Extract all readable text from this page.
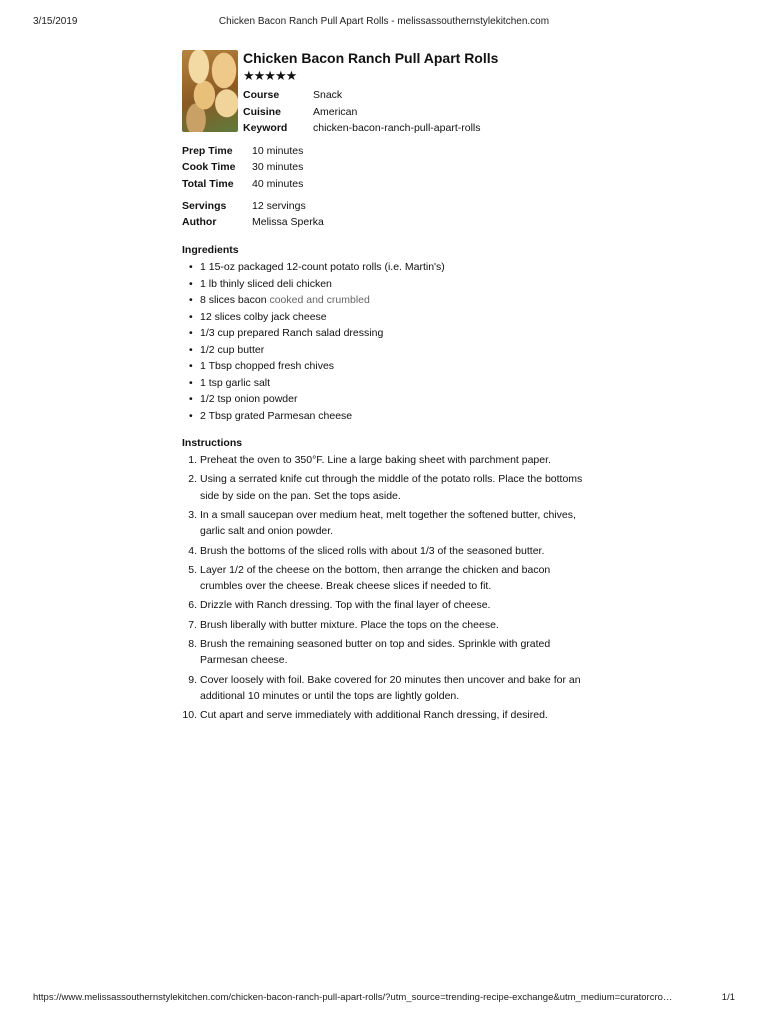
3/15/2019	Chicken Bacon Ranch Pull Apart Rolls - melissassouthernstylekitchen.com
Chicken Bacon Ranch Pull Apart Rolls
★★★★★
Course	Snack
Cuisine	American
Keyword	chicken-bacon-ranch-pull-apart-rolls
Prep Time 10 minutes
Cook Time 30 minutes
Total Time 40 minutes
Servings 12 servings
Author	Melissa Sperka
Ingredients
• 1 15-oz packaged 12-count potato rolls (i.e. Martin's)
• 1 lb thinly sliced deli chicken
• 8 slices bacon cooked and crumbled
• 12 slices colby jack cheese
• 1/3 cup prepared Ranch salad dressing
• 1/2 cup butter
• 1 Tbsp chopped fresh chives
• 1 tsp garlic salt
• 1/2 tsp onion powder
• 2 Tbsp grated Parmesan cheese
Instructions
1. Preheat the oven to 350°F. Line a large baking sheet with parchment paper.
2. Using a serrated knife cut through the middle of the potato rolls. Place the bottoms side by side on the pan. Set the tops aside.
3. In a small saucepan over medium heat, melt together the softened butter, chives, garlic salt and onion powder.
4. Brush the bottoms of the sliced rolls with about 1/3 of the seasoned butter.
5. Layer 1/2 of the cheese on the bottom, then arrange the chicken and bacon crumbles over the cheese. Break cheese slices if needed to fit.
6. Drizzle with Ranch dressing. Top with the final layer of cheese.
7. Brush liberally with butter mixture. Place the tops on the cheese.
8. Brush the remaining seasoned butter on top and sides. Sprinkle with grated Parmesan cheese.
9. Cover loosely with foil. Bake covered for 20 minutes then uncover and bake for an additional 10 minutes or until the tops are lightly golden.
10. Cut apart and serve immediately with additional Ranch dressing, if desired.
https://www.melissassouthernstylekitchen.com/chicken-bacon-ranch-pull-apart-rolls/?utm_source=trending-recipe-exchange&utm_medium=curatorcro…	1/1
